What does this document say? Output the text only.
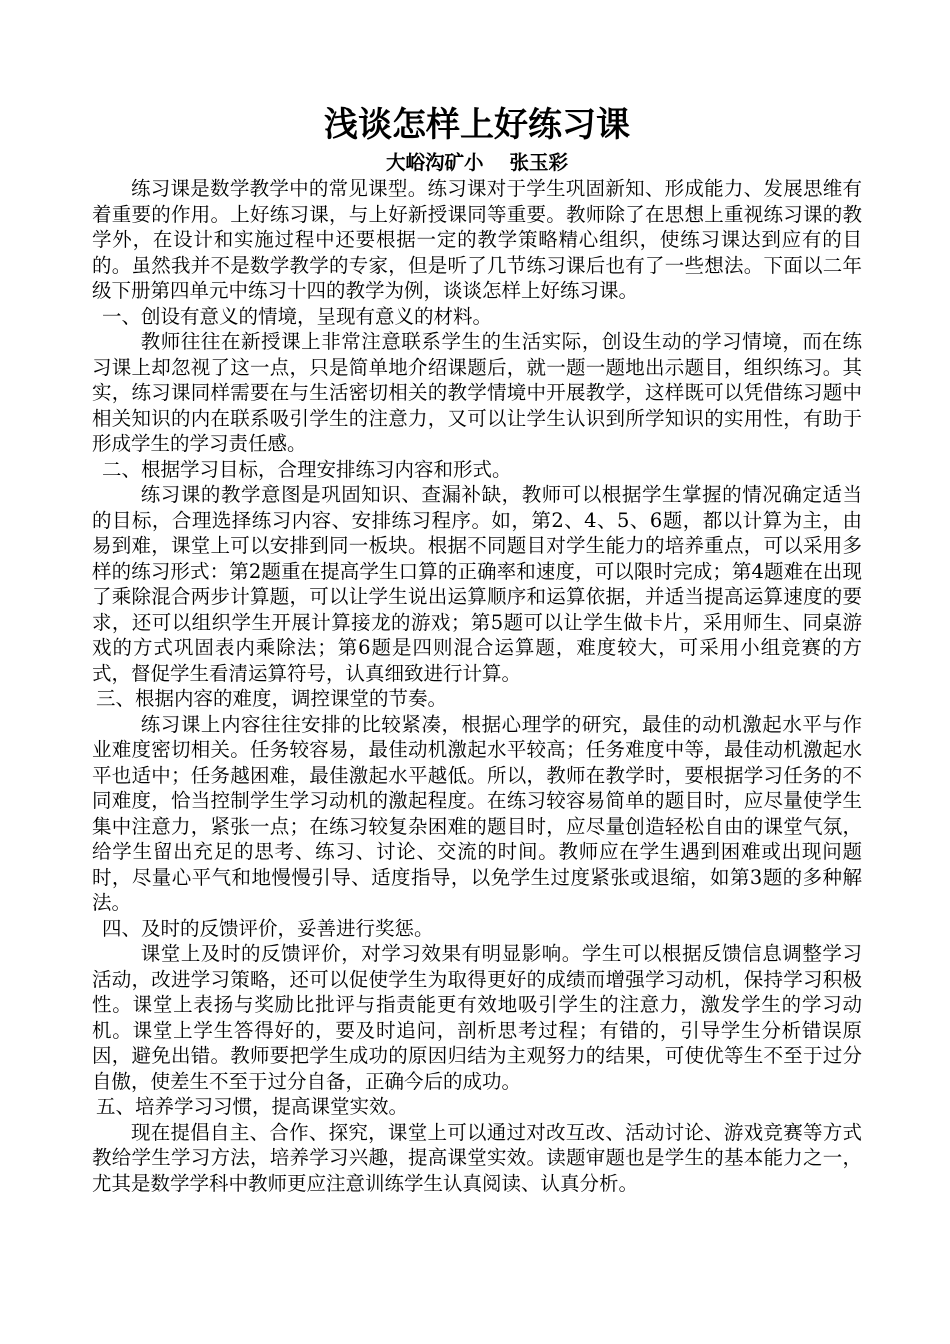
浅谈怎样上好练习课

大峪沟矿小 张玉彩

练习课是数学教学中的常见课型。练习课对于学生巩固新知、形成能力、发展思维有着重要的作用。上好练习课，与上好新授课同等重要。教师除了在思想上重视练习课的教学外，在设计和实施过程中还要根据一定的教学策略精心组织，使练习课达到应有的目的。虽然我并不是数学教学的专家，但是听了几节练习课后也有了一些想法。下面以二年级下册第四单元中练习十四的教学为例，谈谈怎样上好练习课。

一、创设有意义的情境，呈现有意义的材料。

教师往往在新授课上非常注意联系学生的生活实际，创设生动的学习情境，而在练习课上却忽视了这一点，只是简单地介绍课题后，就一题一题地出示题目，组织练习。其实，练习课同样需要在与生活密切相关的教学情境中开展教学，这样既可以凭借练习题中相关知识的内在联系吸引学生的注意力，又可以让学生认识到所学知识的实用性，有助于形成学生的学习责任感。

二、根据学习目标，合理安排练习内容和形式。

练习课的教学意图是巩固知识、查漏补缺，教师可以根据学生掌握的情况确定适当的目标，合理选择练习内容、安排练习程序。如，第2、4、5、6题，都以计算为主，由易到难，课堂上可以安排到同一板块。根据不同题目对学生能力的培养重点，可以采用多样的练习形式：第2题重在提高学生口算的正确率和速度，可以限时完成；第4题难在出现了乘除混合两步计算题，可以让学生说出运算顺序和运算依据，并适当提高运算速度的要求，还可以组织学生开展计算接龙的游戏；第5题可以让学生做卡片，采用师生、同桌游戏的方式巩固表内乘除法；第6题是四则混合运算题，难度较大，可采用小组竞赛的方式，督促学生看清运算符号，认真细致进行计算。

三、根据内容的难度，调控课堂的节奏。

练习课上内容往往安排的比较紧凑，根据心理学的研究，最佳的动机激起水平与作业难度密切相关。任务较容易，最佳动机激起水平较高；任务难度中等，最佳动机激起水平也适中；任务越困难，最佳激起水平越低。所以，教师在教学时，要根据学习任务的不同难度，恰当控制学生学习动机的激起程度。在练习较容易简单的题目时，应尽量使学生集中注意力，紧张一点；在练习较复杂困难的题目时，应尽量创造轻松自由的课堂气氛，给学生留出充足的思考、练习、讨论、交流的时间。教师应在学生遇到困难或出现问题时，尽量心平气和地慢慢引导、适度指导，以免学生过度紧张或退缩，如第3题的多种解法。

四、及时的反馈评价，妥善进行奖惩。

课堂上及时的反馈评价，对学习效果有明显影响。学生可以根据反馈信息调整学习活动，改进学习策略，还可以促使学生为取得更好的成绩而增强学习动机，保持学习积极性。课堂上表扬与奖励比批评与指责能更有效地吸引学生的注意力，激发学生的学习动机。课堂上学生答得好的，要及时追问，剖析思考过程；有错的，引导学生分析错误原因，避免出错。教师要把学生成功的原因归结为主观努力的结果，可使优等生不至于过分自傲，使差生不至于过分自备，正确今后的成功。

五、培养学习习惯，提高课堂实效。

现在提倡自主、合作、探究，课堂上可以通过对改互改、活动讨论、游戏竞赛等方式教给学生学习方法，培养学习兴趣，提高课堂实效。读题审题也是学生的基本能力之一，尤其是数学学科中教师更应注意训练学生认真阅读、认真分析。
